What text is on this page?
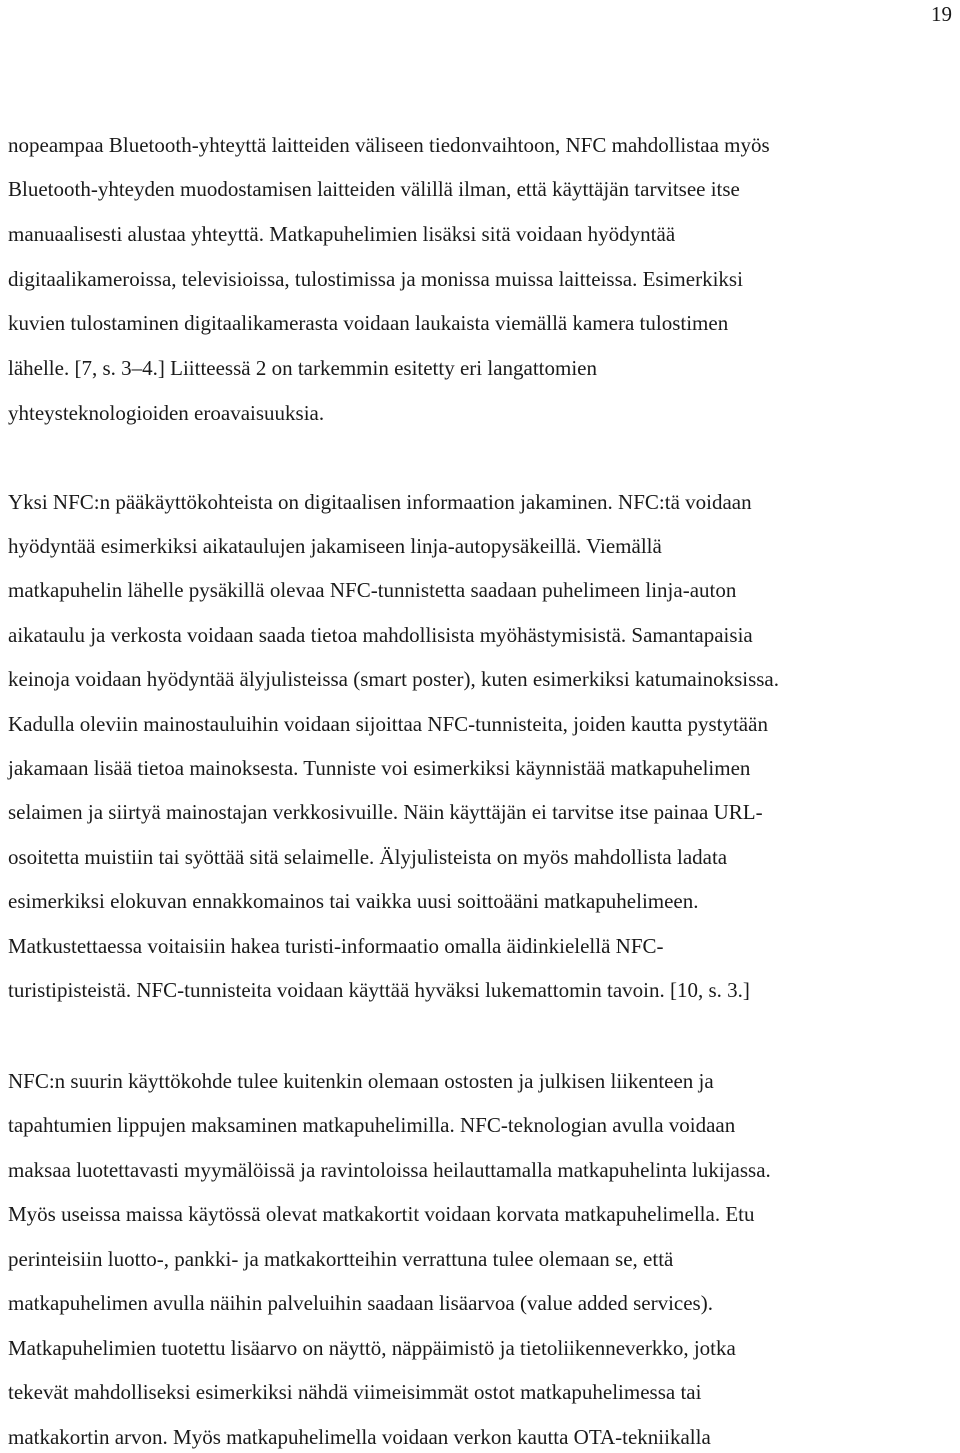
19
nopeampaa Bluetooth-yhteyttä laitteiden väliseen tiedonvaihtoon, NFC mahdollistaa myös
Bluetooth-yhteyden muodostamisen laitteiden välillä ilman, että käyttäjän tarvitsee itse
manuaalisesti alustaa yhteyttä. Matkapuhelimien lisäksi sitä voidaan hyödyntää
digitaalikameroissa, televisioissa, tulostimissa ja monissa muissa laitteissa. Esimerkiksi
kuvien tulostaminen digitaalikamerasta voidaan laukaista viemällä kamera tulostimen
lähelle. [7, s. 3–4.] Liitteessä 2 on tarkemmin esitetty eri langattomien
yhteysteknologioiden eroavaisuuksia.
Yksi NFC:n pääkäyttökohteista on digitaalisen informaation jakaminen. NFC:tä voidaan
hyödyntää esimerkiksi aikataulujen jakamiseen linja-autopysäkeillä. Viemällä
matkapuhelin lähelle pysäkillä olevaa NFC-tunnistetta saadaan puhelimeen linja-auton
aikataulu ja verkosta voidaan saada tietoa mahdollisista myöhästymisistä. Samantapaisia
keinoja voidaan hyödyntää älyjulisteissa (smart poster), kuten esimerkiksi katumainoksissa.
Kadulla oleviin mainostauluihin voidaan sijoittaa NFC-tunnisteita, joiden kautta pystytään
jakamaan lisää tietoa mainoksesta. Tunniste voi esimerkiksi käynnistää matkapuhelimen
selaimen ja siirtyä mainostajan verkkosivuille. Näin käyttäjän ei tarvitse itse painaa URL-
osoitetta muistiin tai syöttää sitä selaimelle. Älyjulisteista on myös mahdollista ladata
esimerkiksi elokuvan ennakkomainos tai vaikka uusi soittoääni matkapuhelimeen.
Matkustettaessa voitaisiin hakea turisti-informaatio omalla äidinkielellä NFC-
turistipisteistä. NFC-tunnisteita voidaan käyttää hyväksi lukemattomin tavoin. [10, s. 3.]
NFC:n suurin käyttökohde tulee kuitenkin olemaan ostosten ja julkisen liikenteen ja
tapahtumien lippujen maksaminen matkapuhelimilla. NFC-teknologian avulla voidaan
maksaa luotettavasti myymälöissä ja ravintoloissa heilauttamalla matkapuhelinta lukijassa.
Myös useissa maissa käytössä olevat matkakortit voidaan korvata matkapuhelimella. Etu
perinteisiin luotto-, pankki- ja matkakortteihin verrattuna tulee olemaan se, että
matkapuhelimen avulla näihin palveluihin saadaan lisäarvoa (value added services).
Matkapuhelimien tuotettu lisäarvo on näyttö, näppäimistö ja tietoliikenneverkko, jotka
tekevät mahdolliseksi esimerkiksi nähdä viimeisimmät ostot matkapuhelimessa tai
matkakortin arvon. Myös matkapuhelimella voidaan verkon kautta OTA-tekniikalla
